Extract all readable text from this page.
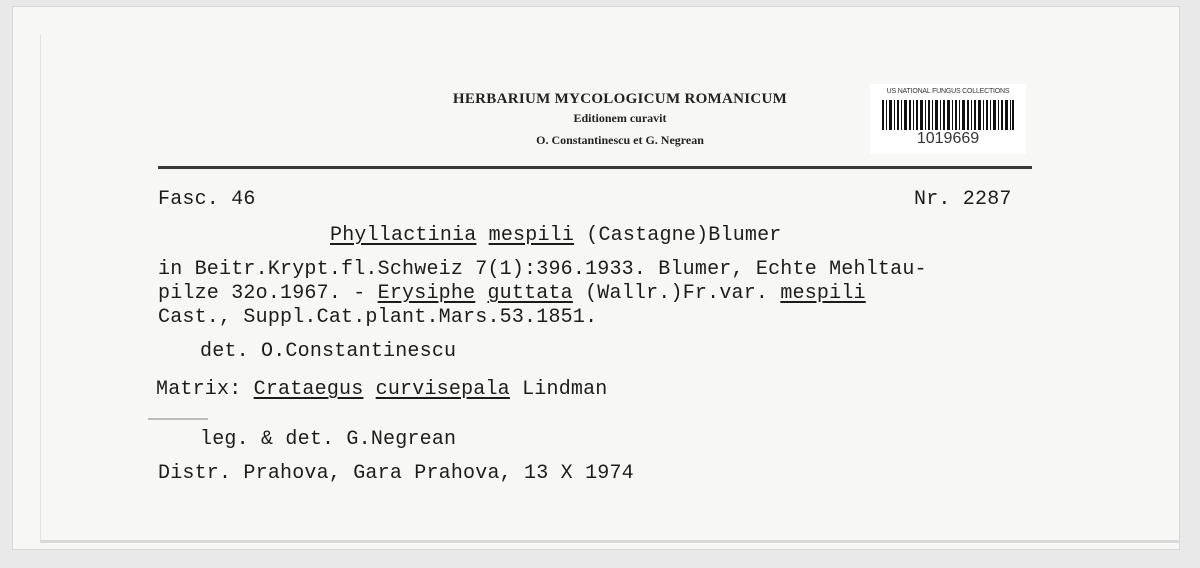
HERBARIUM MYCOLOGICUM ROMANICUM
Editionem curavit
O. Constantinescu et G. Negrean
US NATIONAL FUNGUS COLLECTIONS
1019669
Fasc. 46	Nr. 2287
Phyllactinia mespili (Castagne)Blumer
in Beitr.Krypt.fl.Schweiz 7(1):396.1933. Blumer, Echte Mehltau-
pilze 32o.1967. - Erysiphe guttata (Wallr.)Fr.var. mespili
Cast., Suppl.Cat.plant.Mars.53.1851.
det. O.Constantinescu
Matrix: Crataegus curvisepala Lindman
leg. & det. G.Negrean
Distr. Prahova, Gara Prahova, 13 X 1974
